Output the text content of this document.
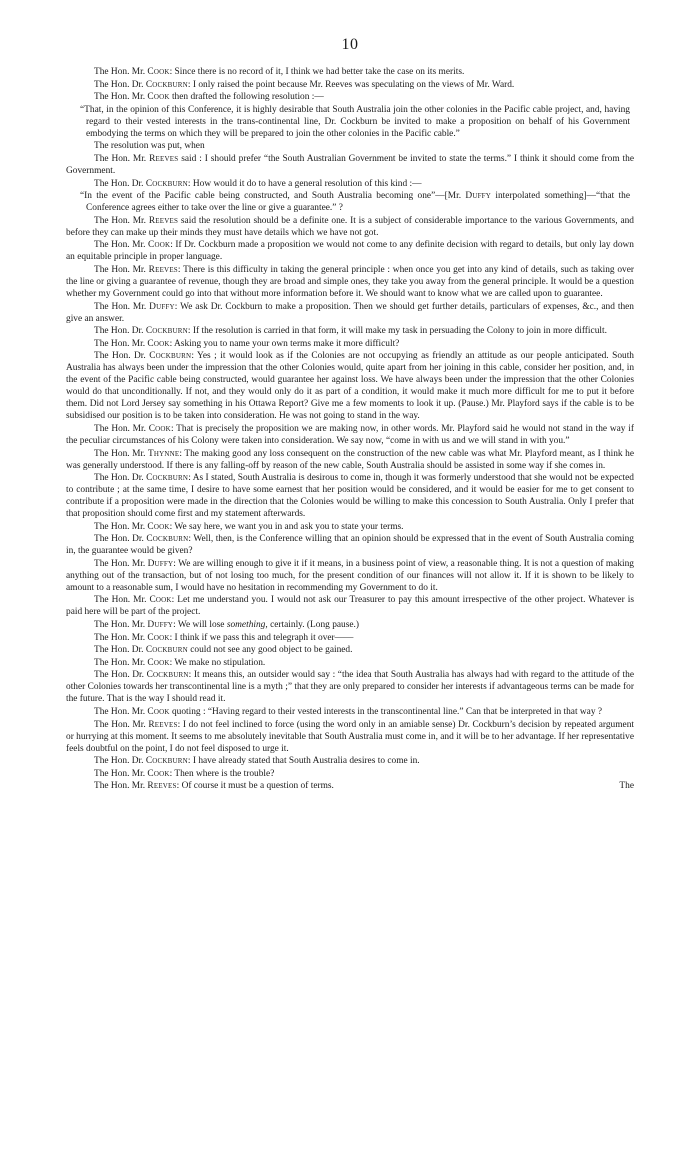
10

The Hon. Mr. Cook: Since there is no record of it, I think we had better take the case on its merits.

The Hon. Dr. Cockburn: I only raised the point because Mr. Reeves was speculating on the views of Mr. Ward.

The Hon. Mr. Cook then drafted the following resolution :—

“That, in the opinion of this Conference, it is highly desirable that South Australia join the other colonies in the Pacific cable project, and, having regard to their vested interests in the trans-continental line, Dr. Cockburn be invited to make a proposition on behalf of his Government embodying the terms on which they will be prepared to join the other colonies in the Pacific cable.”

The resolution was put, when

The Hon. Mr. Reeves said : I should prefer “the South Australian Government be invited to state the terms.” I think it should come from the Government.

The Hon. Dr. Cockburn: How would it do to have a general resolution of this kind :—

“In the event of the Pacific cable being constructed, and South Australia becoming one”—[Mr. Duffy interpolated something]—“that the Conference agrees either to take over the line or give a guarantee.” ?

The Hon. Mr. Reeves said the resolution should be a definite one. It is a subject of considerable importance to the various Governments, and before they can make up their minds they must have details which we have not got.

The Hon. Mr. Cook: If Dr. Cockburn made a proposition we would not come to any definite decision with regard to details, but only lay down an equitable principle in proper language.

The Hon. Mr. Reeves: There is this difficulty in taking the general principle : when once you get into any kind of details, such as taking over the line or giving a guarantee of revenue, though they are broad and simple ones, they take you away from the general principle. It would be a question whether my Government could go into that without more information before it. We should want to know what we are called upon to guarantee.

The Hon. Mr. Duffy: We ask Dr. Cockburn to make a proposition. Then we should get further details, particulars of expenses, &c., and then give an answer.

The Hon. Dr. Cockburn: If the resolution is carried in that form, it will make my task in persuading the Colony to join in more difficult.

The Hon. Mr. Cook: Asking you to name your own terms make it more difficult?

The Hon. Dr. Cockburn: Yes ; it would look as if the Colonies are not occupying as friendly an attitude as our people anticipated. South Australia has always been under the impression that the other Colonies would, quite apart from her joining in this cable, consider her position, and, in the event of the Pacific cable being constructed, would guarantee her against loss. We have always been under the impression that the other Colonies would do that unconditionally. If not, and they would only do it as part of a condition, it would make it much more difficult for me to put it before them. Did not Lord Jersey say something in his Ottawa Report? Give me a few moments to look it up. (Pause.) Mr. Playford says if the cable is to be subsidised our position is to be taken into consideration. He was not going to stand in the way.

The Hon. Mr. Cook: That is precisely the proposition we are making now, in other words. Mr. Playford said he would not stand in the way if the peculiar circumstances of his Colony were taken into consideration. We say now, “come in with us and we will stand in with you.”

The Hon. Mr. Thynne: The making good any loss consequent on the construction of the new cable was what Mr. Playford meant, as I think he was generally understood. If there is any falling-off by reason of the new cable, South Australia should be assisted in some way if she comes in.

The Hon. Dr. Cockburn: As I stated, South Australia is desirous to come in, though it was formerly understood that she would not be expected to contribute ; at the same time, I desire to have some earnest that her position would be considered, and it would be easier for me to get consent to contribute if a proposition were made in the direction that the Colonies would be willing to make this concession to South Australia. Only I prefer that that proposition should come first and my statement afterwards.

The Hon. Mr. Cook: We say here, we want you in and ask you to state your terms.

The Hon. Dr. Cockburn: Well, then, is the Conference willing that an opinion should be expressed that in the event of South Australia coming in, the guarantee would be given?

The Hon. Mr. Duffy: We are willing enough to give it if it means, in a business point of view, a reasonable thing. It is not a question of making anything out of the transaction, but of not losing too much, for the present condition of our finances will not allow it. If it is shown to be likely to amount to a reasonable sum, I would have no hesitation in recommending my Government to do it.

The Hon. Mr. Cook: Let me understand you. I would not ask our Treasurer to pay this amount irrespective of the other project. Whatever is paid here will be part of the project.

The Hon. Mr. Duffy: We will lose something, certainly. (Long pause.)

The Hon. Mr. Cook: I think if we pass this and telegraph it over——

The Hon. Dr. Cockburn could not see any good object to be gained.

The Hon. Mr. Cook: We make no stipulation.

The Hon. Dr. Cockburn: It means this, an outsider would say : “the idea that South Australia has always had with regard to the attitude of the other Colonies towards her transcontinental line is a myth ;” that they are only prepared to consider her interests if advantageous terms can be made for the future. That is the way I should read it.

The Hon. Mr. Cook quoting : “Having regard to their vested interests in the transcontinental line.” Can that be interpreted in that way ?

The Hon. Mr. Reeves: I do not feel inclined to force (using the word only in an amiable sense) Dr. Cockburn’s decision by repeated argument or hurrying at this moment. It seems to me absolutely inevitable that South Australia must come in, and it will be to her advantage. If her representative feels doubtful on the point, I do not feel disposed to urge it.

The Hon. Dr. Cockburn: I have already stated that South Australia desires to come in.

The Hon. Mr. Cook: Then where is the trouble?

The Hon. Mr. Reeves: Of course it must be a question of terms.	The
